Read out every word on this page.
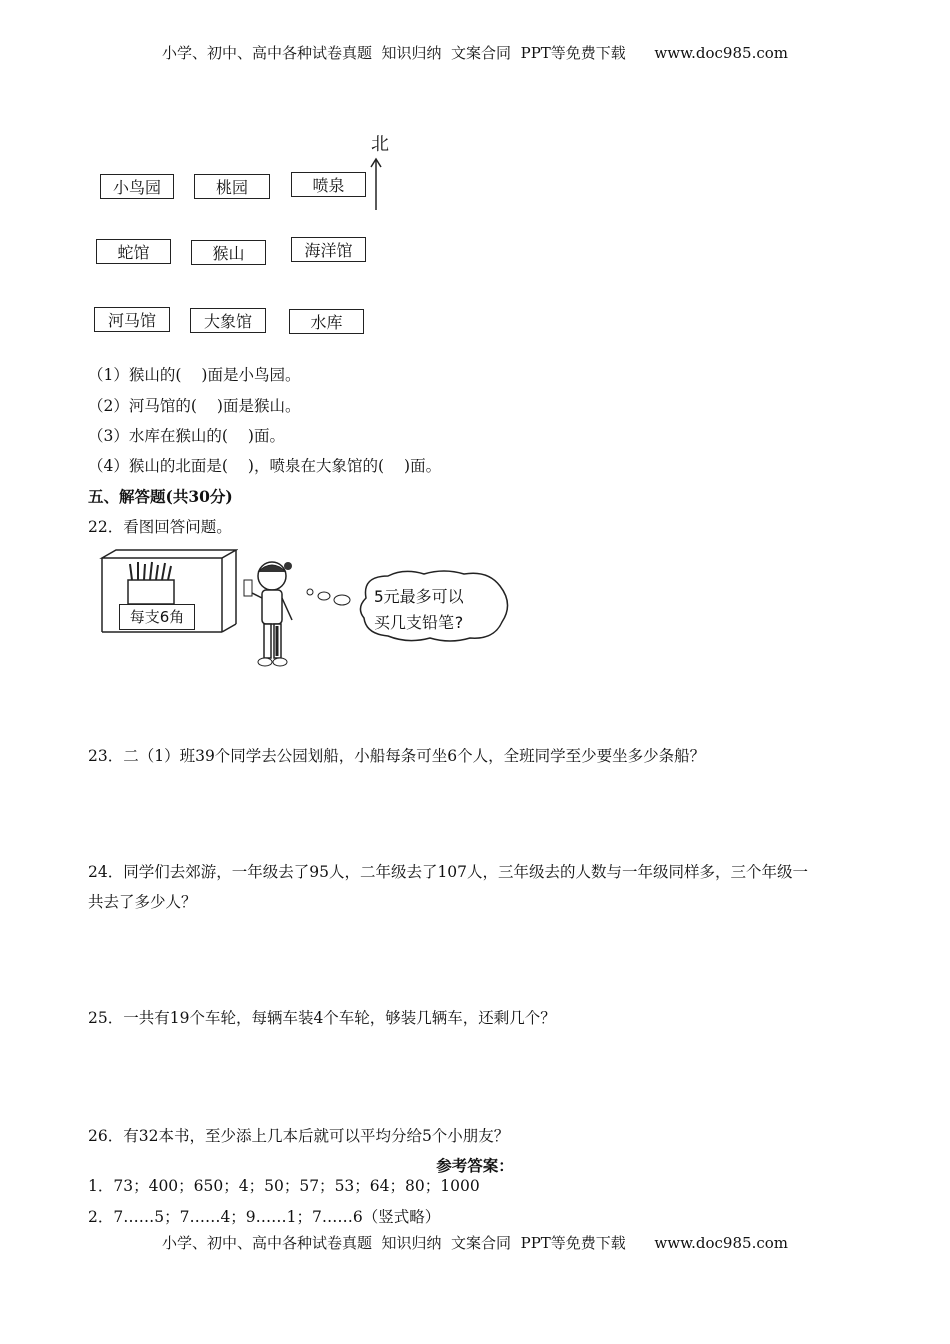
小学、初中、高中各种试卷真题  知识归纳  文案合同  PPT等免费下载      www.doc985.com
北
小鸟园	桃园	喷泉
蛇馆	猴山	海洋馆
河马馆	大象馆	水库
（1）猴山的( )面是小鸟园。
（2）河马馆的( )面是猴山。
（3）水库在猴山的( )面。
（4）猴山的北面是( )，喷泉在大象馆的( )面。
五、解答题(共30分)
22．看图回答问题。
每支6角
5元最多可以
买几支铅笔?
23．二（1）班39个同学去公园划船，小船每条可坐6个人，全班同学至少要坐多少条船？
24．同学们去郊游，一年级去了95人，二年级去了107人，三年级去的人数与一年级同样多，三个年级一
共去了多少人？
25．一共有19个车轮，每辆车装4个车轮，够装几辆车，还剩几个？
26．有32本书，至少添上几本后就可以平均分给5个小朋友？
参考答案：
1．73；400；650；4；50；57；53；64；80；1000
2．7……5；7……4；9……1；7……6（竖式略）
小学、初中、高中各种试卷真题  知识归纳  文案合同  PPT等免费下载      www.doc985.com
